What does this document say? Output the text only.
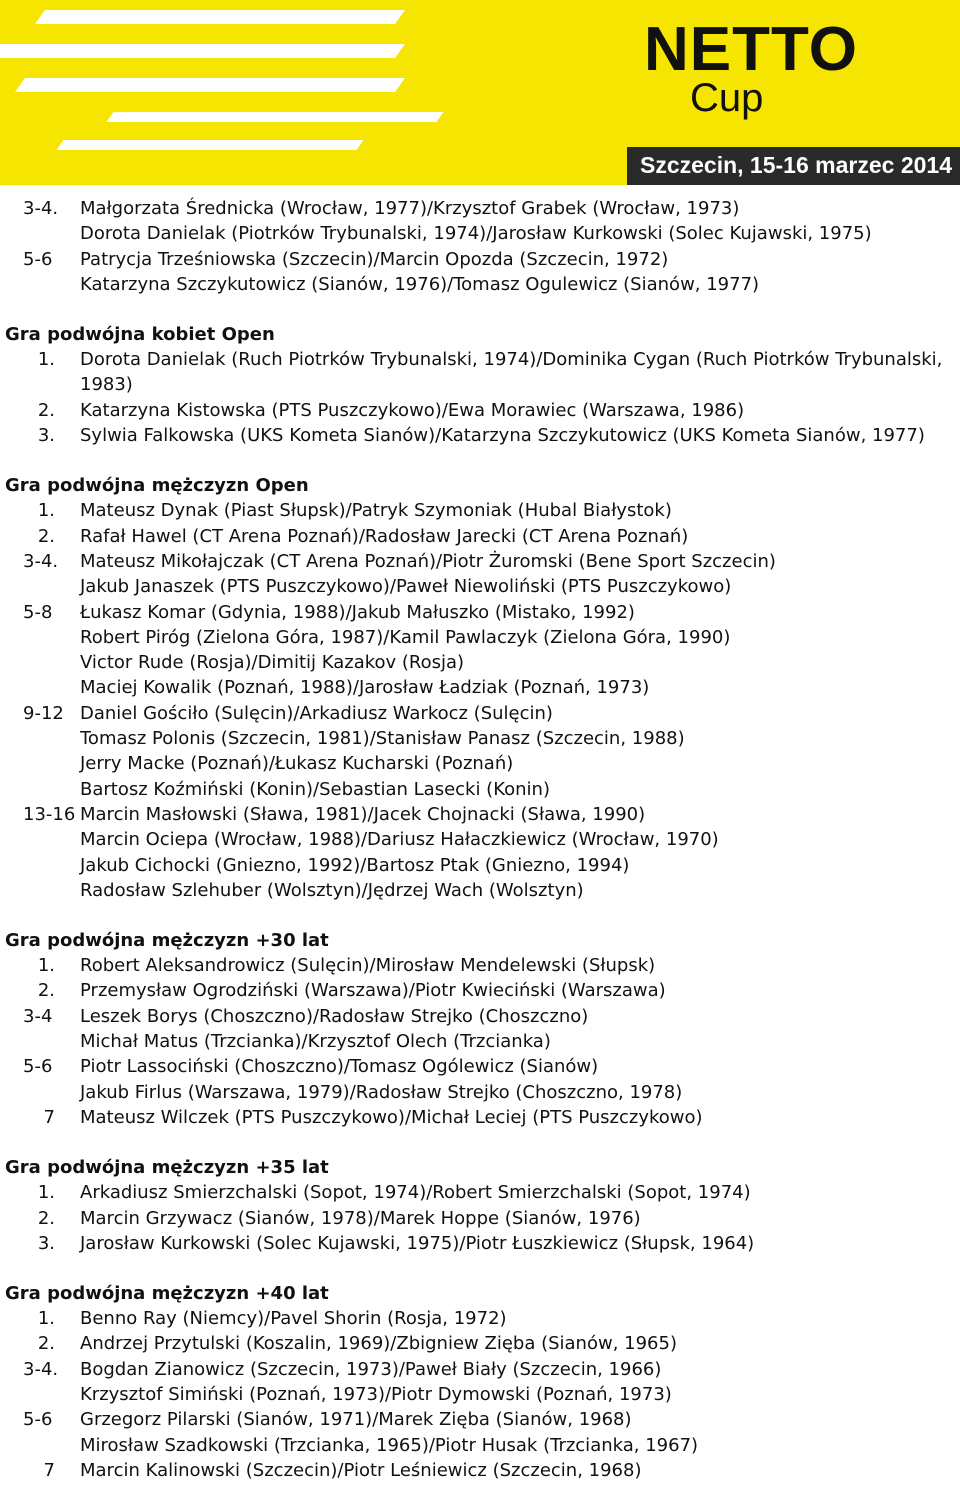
NETTO
Cup
Szczecin, 15-16 marzec 2014
3-4.	Małgorzata Średnicka (Wrocław, 1977)/Krzysztof Grabek (Wrocław, 1973)
Dorota Danielak (Piotrków Trybunalski, 1974)/Jarosław Kurkowski (Solec Kujawski, 1975)
5-6	Patrycja Trześniowska (Szczecin)/Marcin Opozda (Szczecin, 1972)
Katarzyna Szczykutowicz (Sianów, 1976)/Tomasz Ogulewicz (Sianów, 1977)
Gra podwójna kobiet Open
1.	Dorota Danielak (Ruch Piotrków Trybunalski, 1974)/Dominika Cygan (Ruch Piotrków Trybunalski, 1983)
2.	Katarzyna Kistowska (PTS Puszczykowo)/Ewa Morawiec (Warszawa, 1986)
3.	Sylwia Falkowska (UKS Kometa Sianów)/Katarzyna Szczykutowicz (UKS Kometa Sianów, 1977)
Gra podwójna mężczyzn Open
1.	Mateusz Dynak (Piast Słupsk)/Patryk Szymoniak (Hubal Białystok)
2.	Rafał Hawel (CT Arena Poznań)/Radosław Jarecki (CT Arena Poznań)
3-4.	Mateusz Mikołajczak (CT Arena Poznań)/Piotr Żuromski (Bene Sport Szczecin)
Jakub Janaszek (PTS Puszczykowo)/Paweł Niewoliński (PTS Puszczykowo)
5-8	Łukasz Komar (Gdynia, 1988)/Jakub Małuszko (Mistako, 1992)
Robert Piróg (Zielona Góra, 1987)/Kamil Pawlaczyk (Zielona Góra, 1990)
Victor Rude (Rosja)/Dimitij Kazakov (Rosja)
Maciej Kowalik (Poznań, 1988)/Jarosław Ładziak (Poznań, 1973)
9-12 Daniel Gościło (Sulęcin)/Arkadiusz Warkocz (Sulęcin)
Tomasz Polonis (Szczecin, 1981)/Stanisław Panasz (Szczecin, 1988)
Jerry Macke (Poznań)/Łukasz Kucharski (Poznań)
Bartosz Koźmiński (Konin)/Sebastian Lasecki (Konin)
13-16 Marcin Masłowski (Sława, 1981)/Jacek Chojnacki (Sława, 1990)
Marcin Ociepa (Wrocław, 1988)/Dariusz Hałaczkiewicz (Wrocław, 1970)
Jakub Cichocki (Gniezno, 1992)/Bartosz Ptak (Gniezno, 1994)
Radosław Szlehuber (Wolsztyn)/Jędrzej Wach (Wolsztyn)
Gra podwójna mężczyzn +30 lat
1.	Robert Aleksandrowicz (Sulęcin)/Mirosław Mendelewski (Słupsk)
2.	Przemysław Ogrodziński (Warszawa)/Piotr Kwieciński (Warszawa)
3-4	Leszek Borys (Choszczno)/Radosław Strejko (Choszczno)
Michał Matus (Trzcianka)/Krzysztof Olech (Trzcianka)
5-6	Piotr Lassociński (Choszczno)/Tomasz Ogólewicz (Sianów)
Jakub Firlus (Warszawa, 1979)/Radosław Strejko (Choszczno, 1978)
7	Mateusz Wilczek (PTS Puszczykowo)/Michał Leciej (PTS Puszczykowo)
Gra podwójna mężczyzn +35 lat
1.	Arkadiusz Smierzchalski (Sopot, 1974)/Robert Smierzchalski (Sopot, 1974)
2.	Marcin Grzywacz (Sianów, 1978)/Marek Hoppe (Sianów, 1976)
3.	Jarosław Kurkowski (Solec Kujawski, 1975)/Piotr Łuszkiewicz (Słupsk, 1964)
Gra podwójna mężczyzn +40 lat
1.	Benno Ray (Niemcy)/Pavel Shorin (Rosja, 1972)
2.	Andrzej Przytulski (Koszalin, 1969)/Zbigniew Zięba (Sianów, 1965)
3-4.	Bogdan Zianowicz (Szczecin, 1973)/Paweł Biały (Szczecin, 1966)
Krzysztof Simiński (Poznań, 1973)/Piotr Dymowski (Poznań, 1973)
5-6	Grzegorz Pilarski (Sianów, 1971)/Marek Zięba (Sianów, 1968)
Mirosław Szadkowski (Trzcianka, 1965)/Piotr Husak (Trzcianka, 1967)
7	Marcin Kalinowski (Szczecin)/Piotr Leśniewicz (Szczecin, 1968)
